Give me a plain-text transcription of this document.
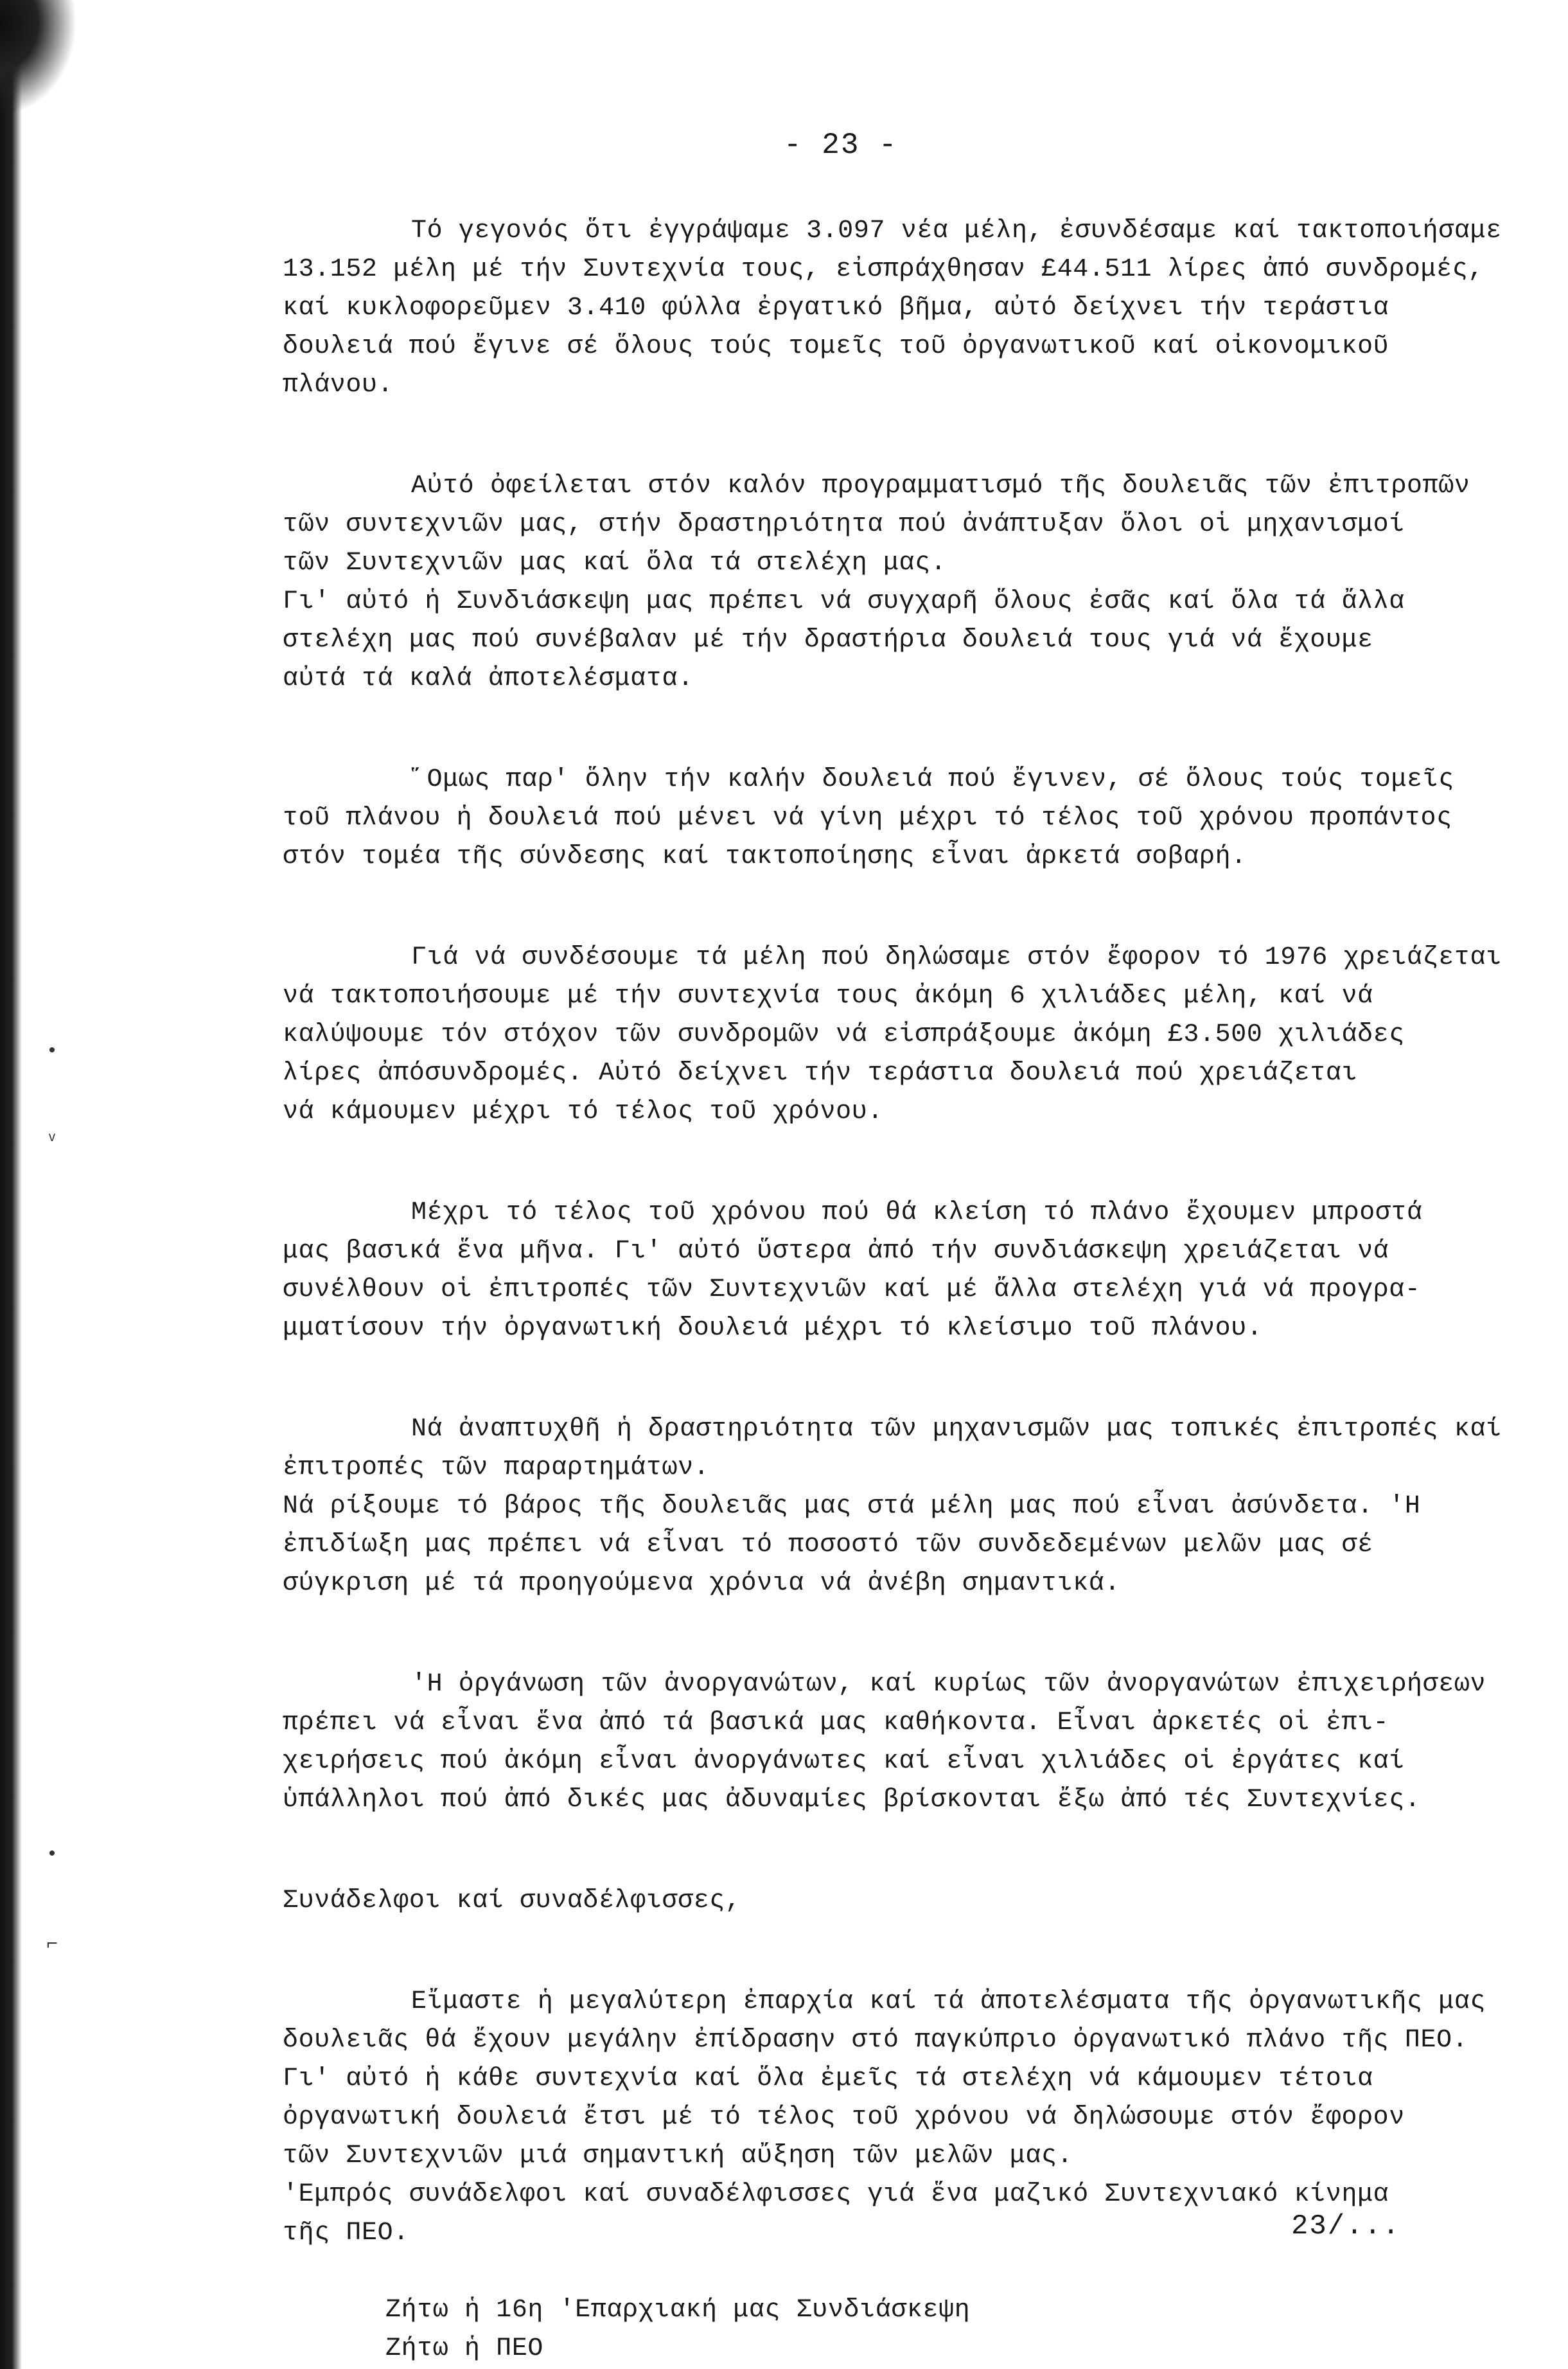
•
ᵥ
•
⌐
- 23 -

Τό γεγονός ὅτι ἐγγράψαμε 3.097 νέα μέλη, ἐσυνδέσαμε καί τακτοποιήσαμε
13.152 μέλη μέ τήν Συντεχνία τους, εἰσπράχθησαν £44.511 λίρες ἀπό συνδρομές,
καί κυκλοφορεῦμεν 3.410 φύλλα ἐργατικό βῆμα, αὐτό δείχνει τήν τεράστια
δουλειά πού ἔγινε σέ ὅλους τούς τομεῖς τοῦ ὀργανωτικοῦ καί οἰκονομικοῦ πλάνου.

Αὐτό ὀφείλεται στόν καλόν προγραμματισμό τῆς δουλειᾶς τῶν ἐπιτροπῶν
τῶν συντεχνιῶν μας, στήν δραστηριότητα πού ἀνάπτυξαν ὅλοι οἱ μηχανισμοί
τῶν Συντεχνιῶν μας καί ὅλα τά στελέχη μας.
Γι' αὐτό ἡ Συνδιάσκεψη μας πρέπει νά συγχαρῆ ὅλους ἐσᾶς καί ὅλα τά ἄλλα
στελέχη μας πού συνέβαλαν μέ τήν δραστήρια δουλειά τους γιά νά ἔχουμε
αὐτά τά καλά ἀποτελέσματα.

῞Ομως παρ' ὅλην τήν καλήν δουλειά πού ἔγινεν, σέ ὅλους τούς τομεῖς
τοῦ πλάνου ἡ δουλειά πού μένει νά γίνη μέχρι τό τέλος τοῦ χρόνου προπάντος
στόν τομέα τῆς σύνδεσης καί τακτοποίησης εἶναι ἀρκετά σοβαρή.

Γιά νά συνδέσουμε τά μέλη πού δηλώσαμε στόν ἔφορον τό 1976 χρειάζεται
νά τακτοποιήσουμε μέ τήν συντεχνία τους ἀκόμη 6 χιλιάδες μέλη, καί νά
καλύψουμε τόν στόχον τῶν συνδρομῶν νά εἰσπράξουμε ἀκόμη £3.500 χιλιάδες
λίρες ἀπόσυνδρομές. Αὐτό δείχνει τήν τεράστια δουλειά πού χρειάζεται
νά κάμουμεν μέχρι τό τέλος τοῦ χρόνου.

Μέχρι τό τέλος τοῦ χρόνου πού θά κλείση τό πλάνο ἔχουμεν μπροστά
μας βασικά ἕνα μῆνα. Γι' αὐτό ὕστερα ἀπό τήν συνδιάσκεψη χρειάζεται νά
συνέλθουν οἱ ἐπιτροπές τῶν Συντεχνιῶν καί μέ ἄλλα στελέχη γιά νά προγρα-
μματίσουν τήν ὀργανωτική δουλειά μέχρι τό κλείσιμο τοῦ πλάνου.

Νά ἀναπτυχθῆ ἡ δραστηριότητα τῶν μηχανισμῶν μας τοπικές ἐπιτροπές καί
ἐπιτροπές τῶν παραρτημάτων.
Νά ρίξουμε τό βάρος τῆς δουλειᾶς μας στά μέλη μας πού εἶναι ἀσύνδετα. 'Η
ἐπιδίωξη μας πρέπει νά εἶναι τό ποσοστό τῶν συνδεδεμένων μελῶν μας σέ
σύγκριση μέ τά προηγούμενα χρόνια νά ἀνέβη σημαντικά.

'Η ὀργάνωση τῶν ἀνοργανώτων, καί κυρίως τῶν ἀνοργανώτων ἐπιχειρήσεων
πρέπει νά εἶναι ἕνα ἀπό τά βασικά μας καθήκοντα. Εἶναι ἀρκετές οἱ ἐπι-
χειρήσεις πού ἀκόμη εἶναι ἀνοργάνωτες καί εἶναι χιλιάδες οἱ ἐργάτες καί
ὑπάλληλοι πού ἀπό δικές μας ἀδυναμίες βρίσκονται ἔξω ἀπό τές Συντεχνίες.

Συνάδελφοι καί συναδέλφισσες,

Εἴμαστε ἡ μεγαλύτερη ἐπαρχία καί τά ἀποτελέσματα τῆς ὀργανωτικῆς μας
δουλειᾶς θά ἔχουν μεγάλην ἐπίδρασην στό παγκύπριο ὀργανωτικό πλάνο τῆς ΠΕΟ.
Γι' αὐτό ἡ κάθε συντεχνία καί ὅλα ἐμεῖς τά στελέχη νά κάμουμεν τέτοια
ὀργανωτική δουλειά ἔτσι μέ τό τέλος τοῦ χρόνου νά δηλώσουμε στόν ἔφορον
τῶν Συντεχνιῶν μιά σημαντική αὔξηση τῶν μελῶν μας.
'Εμπρός συνάδελφοι καί συναδέλφισσες γιά ἕνα μαζικό Συντεχνιακό κίνημα
τῆς ΠΕΟ.

Ζήτω ἡ 16η 'Επαρχιακή μας Συνδιάσκεψη
Ζήτω ἡ ΠΕΟ
23/...
